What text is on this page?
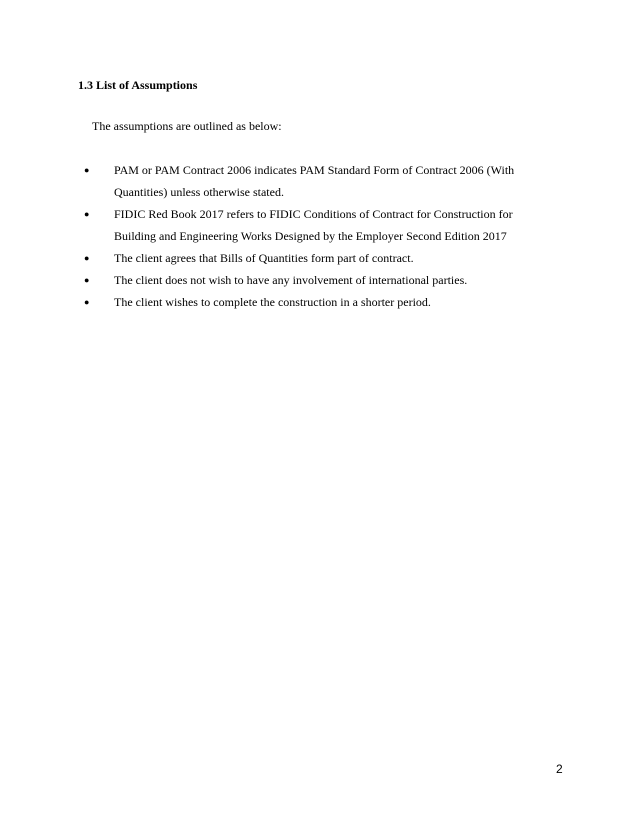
1.3 List of Assumptions

The assumptions are outlined as below:

● PAM or PAM Contract 2006 indicates PAM Standard Form of Contract 2006 (With
Quantities) unless otherwise stated.
● FIDIC Red Book 2017 refers to FIDIC Conditions of Contract for Construction for
Building and Engineering Works Designed by the Employer Second Edition 2017
● The client agrees that Bills of Quantities form part of contract.
● The client does not wish to have any involvement of international parties.
● The client wishes to complete the construction in a shorter period.

2
